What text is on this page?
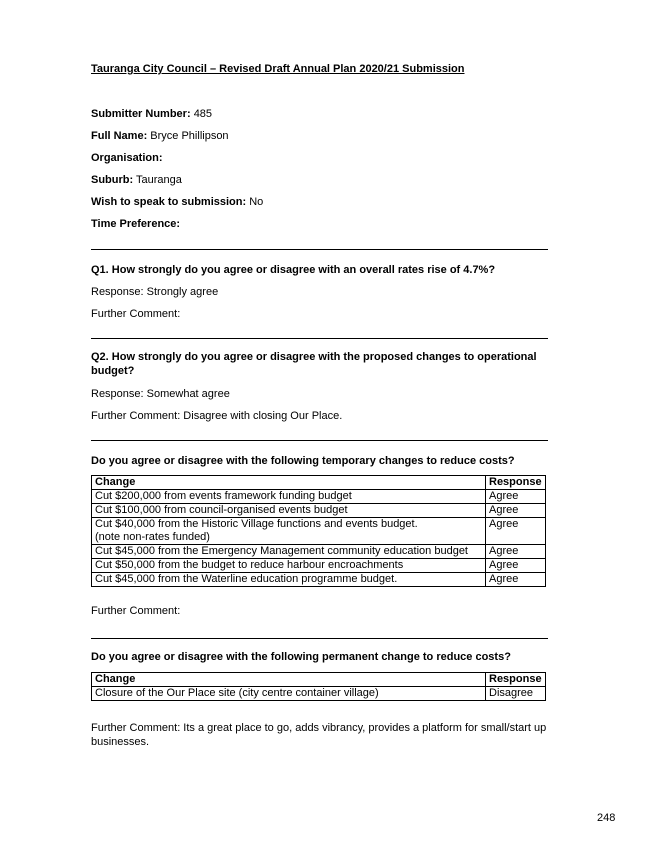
Tauranga City Council – Revised Draft Annual Plan 2020/21 Submission
Submitter Number: 485
Full Name: Bryce Phillipson
Organisation:
Suburb: Tauranga
Wish to speak to submission: No
Time Preference:
Q1. How strongly do you agree or disagree with an overall rates rise of 4.7%?
Response: Strongly agree
Further Comment:
Q2. How strongly do you agree or disagree with the proposed changes to operational budget?
Response: Somewhat agree
Further Comment: Disagree with closing Our Place.
Do you agree or disagree with the following temporary changes to reduce costs?
Change	Response
Cut $200,000 from events framework funding budget	Agree
Cut $100,000 from council-organised events budget	Agree
Cut $40,000 from the Historic Village functions and events budget.
(note non-rates funded)	Agree
Cut $45,000 from the Emergency Management community education budget	Agree
Cut $50,000 from the budget to reduce harbour encroachments	Agree
Cut $45,000 from the Waterline education programme budget.	Agree
Further Comment:
Do you agree or disagree with the following permanent change to reduce costs?
Change	Response
Closure of the Our Place site (city centre container village)	Disagree
Further Comment: Its a great place to go, adds vibrancy, provides a platform for small/start up businesses.
248
